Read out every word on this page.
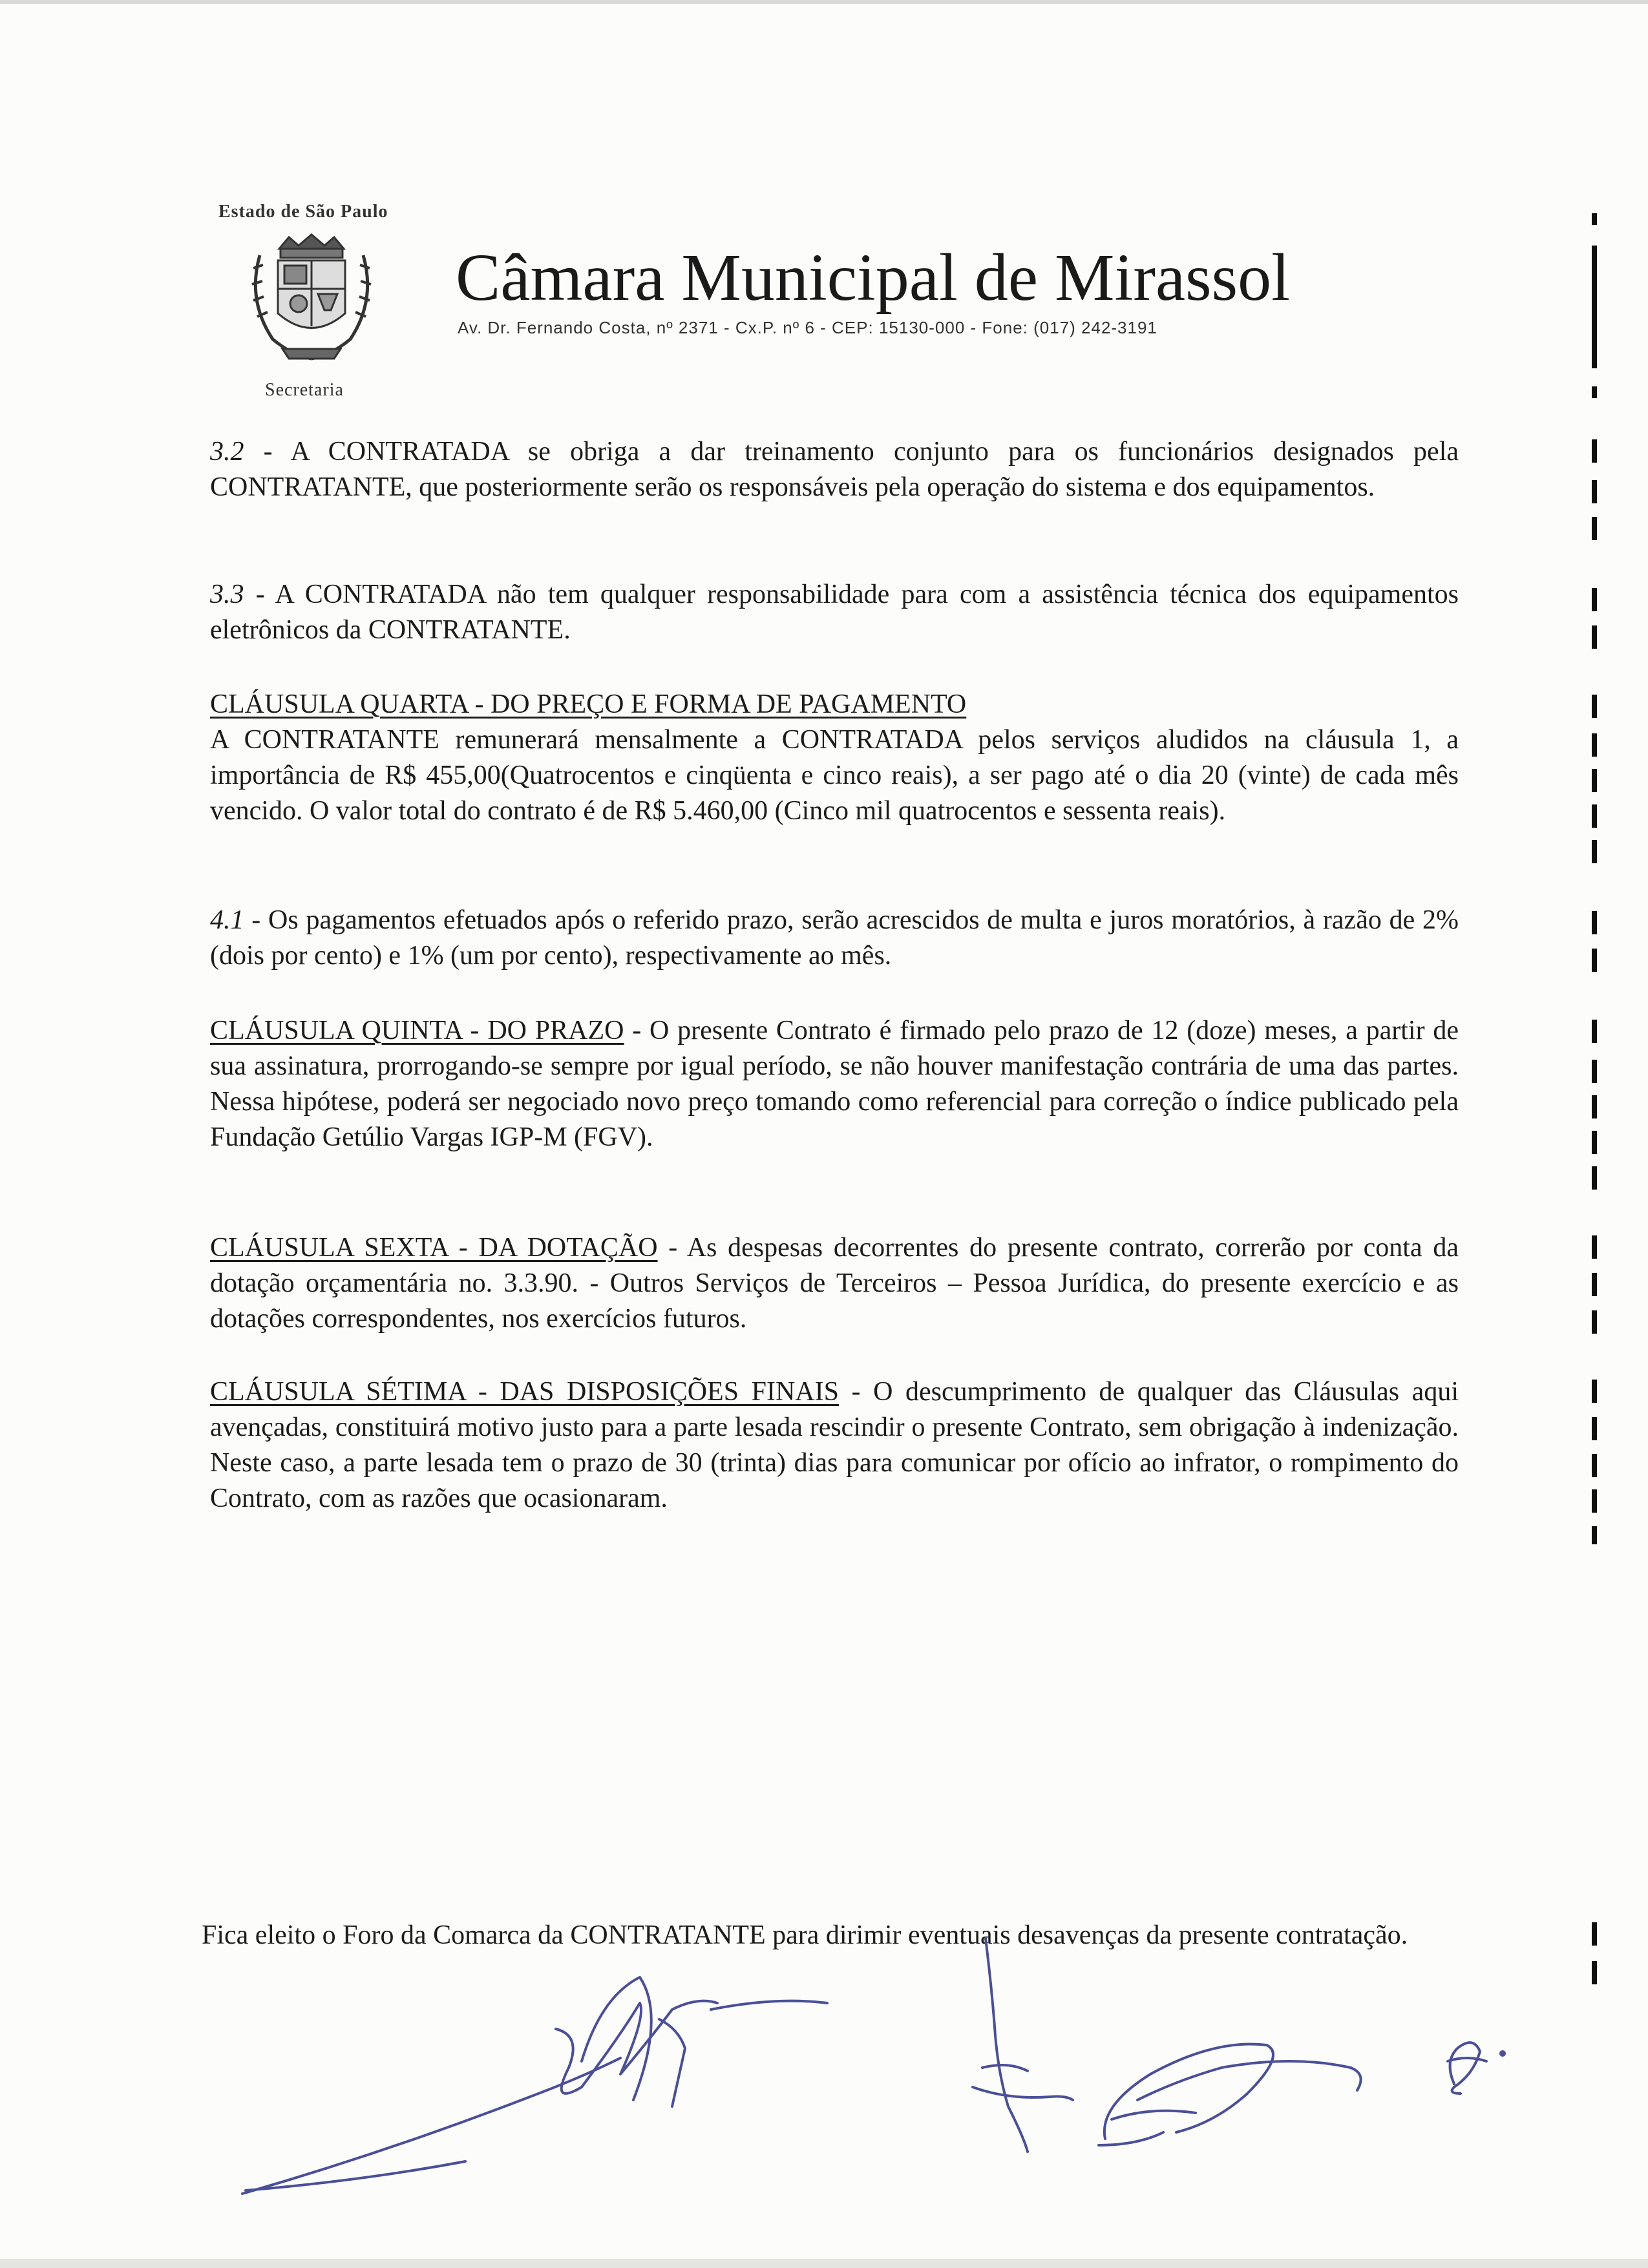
Estado de São Paulo
Secretaria
Câmara Municipal de Mirassol
Av. Dr. Fernando Costa, nº 2371 - Cx.P. nº 6 - CEP: 15130-000 - Fone: (017) 242-3191

3.2 - A CONTRATADA se obriga a dar treinamento conjunto para os funcionários designados pela CONTRATANTE, que posteriormente serão os responsáveis pela operação do sistema e dos equipamentos.

3.3 - A CONTRATADA não tem qualquer responsabilidade para com a assistência técnica dos equipamentos eletrônicos da CONTRATANTE.

CLÁUSULA QUARTA - DO PREÇO E FORMA DE PAGAMENTO

A CONTRATANTE remunerará mensalmente a CONTRATADA pelos serviços aludidos na cláusula 1, a importância de R$ 455,00(Quatrocentos e cinqüenta e cinco reais), a ser pago até o dia 20 (vinte) de cada mês vencido. O valor total do contrato é de R$ 5.460,00 (Cinco mil quatrocentos e sessenta reais).

4.1 - Os pagamentos efetuados após o referido prazo, serão acrescidos de multa e juros moratórios, à razão de 2% (dois por cento) e 1% (um por cento), respectivamente ao mês.

CLÁUSULA QUINTA - DO PRAZO - O presente Contrato é firmado pelo prazo de 12 (doze) meses, a partir de sua assinatura, prorrogando-se sempre por igual período, se não houver manifestação contrária de uma das partes. Nessa hipótese, poderá ser negociado novo preço tomando como referencial para correção o índice publicado pela Fundação Getúlio Vargas IGP-M (FGV).

CLÁUSULA SEXTA - DA DOTAÇÃO - As despesas decorrentes do presente contrato, correrão por conta da dotação orçamentária no. 3.3.90. - Outros Serviços de Terceiros – Pessoa Jurídica, do presente exercício e as dotações correspondentes, nos exercícios futuros.

CLÁUSULA SÉTIMA - DAS DISPOSIÇÕES FINAIS - O descumprimento de qualquer das Cláusulas aqui avençadas, constituirá motivo justo para a parte lesada rescindir o presente Contrato, sem obrigação à indenização. Neste caso, a parte lesada tem o prazo de 30 (trinta) dias para comunicar por ofício ao infrator, o rompimento do Contrato, com as razões que ocasionaram.

Fica eleito o Foro da Comarca da CONTRATANTE para dirimir eventuais desavenças da presente contratação.
